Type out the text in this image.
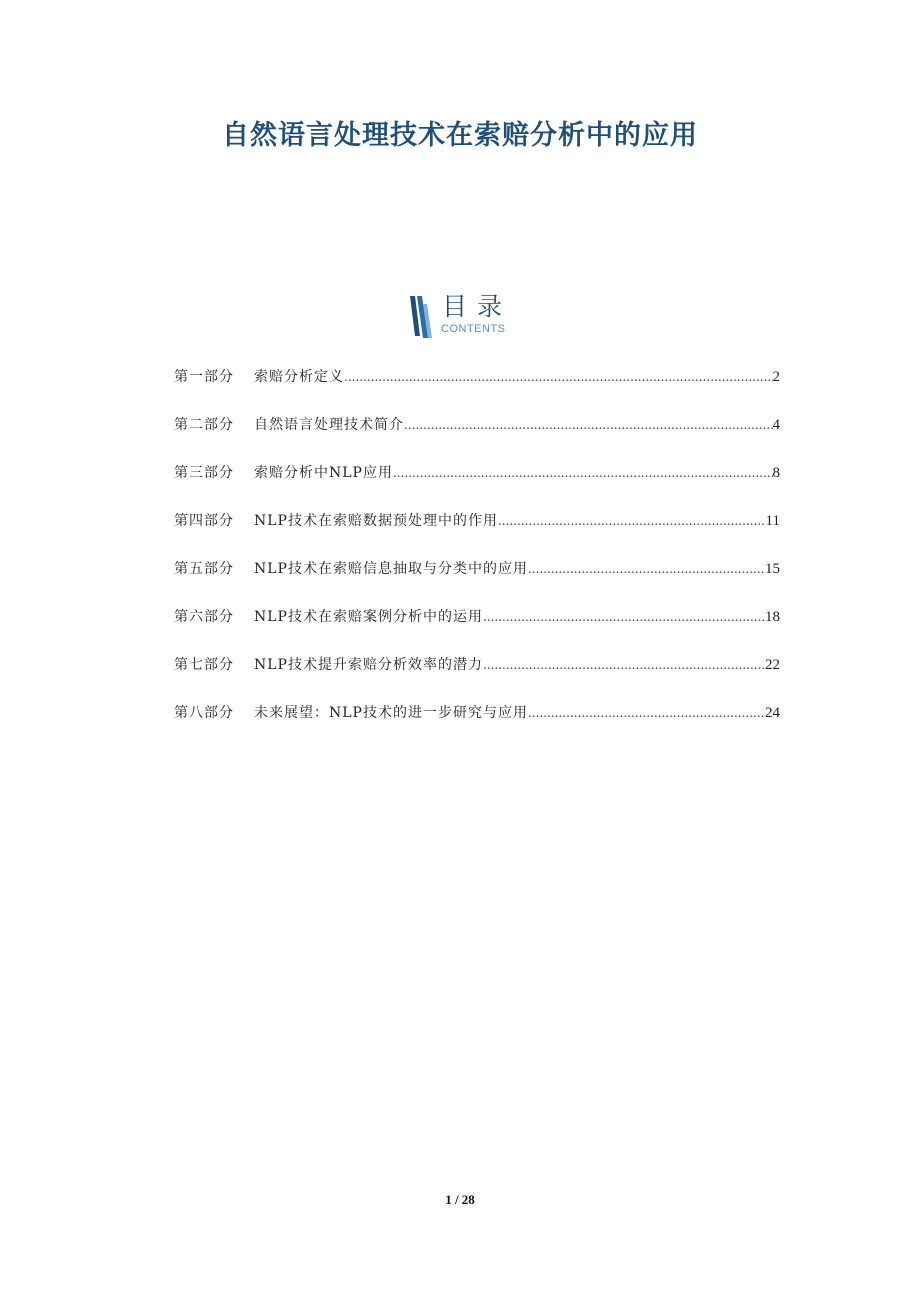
自然语言处理技术在索赔分析中的应用
目录
CONTENTS
第一部分	索赔分析定义 .....	2
第二部分	自然语言处理技术简介 .....	4
第三部分	索赔分析中NLP应用 .....	8
第四部分	NLP技术在索赔数据预处理中的作用 .....	11
第五部分	NLP技术在索赔信息抽取与分类中的应用 .....	15
第六部分	NLP技术在索赔案例分析中的运用 .....	18
第七部分	NLP技术提升索赔分析效率的潜力 .....	22
第八部分	未来展望：NLP技术的进一步研究与应用 .....	24
1 / 28
